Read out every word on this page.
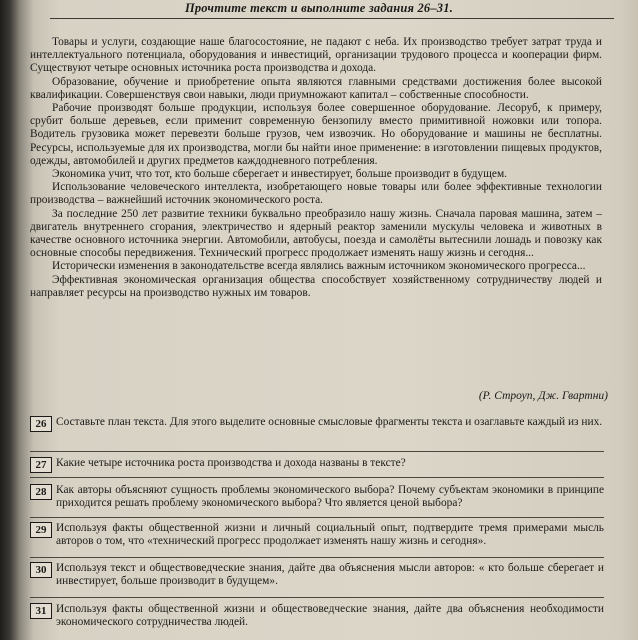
Прочтите текст и выполните задания 26–31.

Товары и услуги, создающие наше благосостояние, не падают с неба. Их производство требует затрат труда и интеллектуального потенциала, оборудования и инвестиций, организации трудового процесса и кооперации фирм. Существуют четыре основных источника роста производства и дохода.

Образование, обучение и приобретение опыта являются главными средствами достижения более высокой квалификации. Совершенствуя свои навыки, люди приумножают капитал – собственные способности.

Рабочие производят больше продукции, используя более совершенное оборудование. Лесоруб, к примеру, срубит больше деревьев, если применит современную бензопилу вместо примитивной ножовки или топора. Водитель грузовика может перевезти больше грузов, чем извозчик. Но оборудование и машины не бесплатны. Ресурсы, используемые для их производства, могли бы найти иное применение: в изготовлении пищевых продуктов, одежды, автомобилей и других предметов каждодневного потребления.

Экономика учит, что тот, кто больше сберегает и инвестирует, больше производит в будущем.

Использование человеческого интеллекта, изобретающего новые товары или более эффективные технологии производства – важнейший источник экономического роста.

За последние 250 лет развитие техники буквально преобразило нашу жизнь. Сначала паровая машина, затем – двигатель внутреннего сгорания, электричество и ядерный реактор заменили мускулы человека и животных в качестве основного источника энергии. Автомобили, автобусы, поезда и самолёты вытеснили лошадь и повозку как основные способы передвижения. Технический прогресс продолжает изменять нашу жизнь и сегодня...

Исторически изменения в законодательстве всегда являлись важным источником экономического прогресса...

Эффективная экономическая организация общества способствует хозяйственному сотрудничеству людей и направляет ресурсы на производство нужных им товаров.

(Р. Строуп, Дж. Гвартни)
26 Составьте план текста. Для этого выделите основные смысловые фрагменты текста и озаглавьте каждый из них.
27 Какие четыре источника роста производства и дохода названы в тексте?
28 Как авторы объясняют сущность проблемы экономического выбора? Почему субъектам экономики в принципе приходится решать проблему экономического выбора? Что является ценой выбора?
29 Используя факты общественной жизни и личный социальный опыт, подтвердите тремя примерами мысль авторов о том, что «технический прогресс продолжает изменять нашу жизнь и сегодня».
30 Используя текст и обществоведческие знания, дайте два объяснения мысли авторов: « кто больше сберегает и инвестирует, больше производит в будущем».
31 Используя факты общественной жизни и обществоведческие знания, дайте два объяснения необходимости экономического сотрудничества людей.
